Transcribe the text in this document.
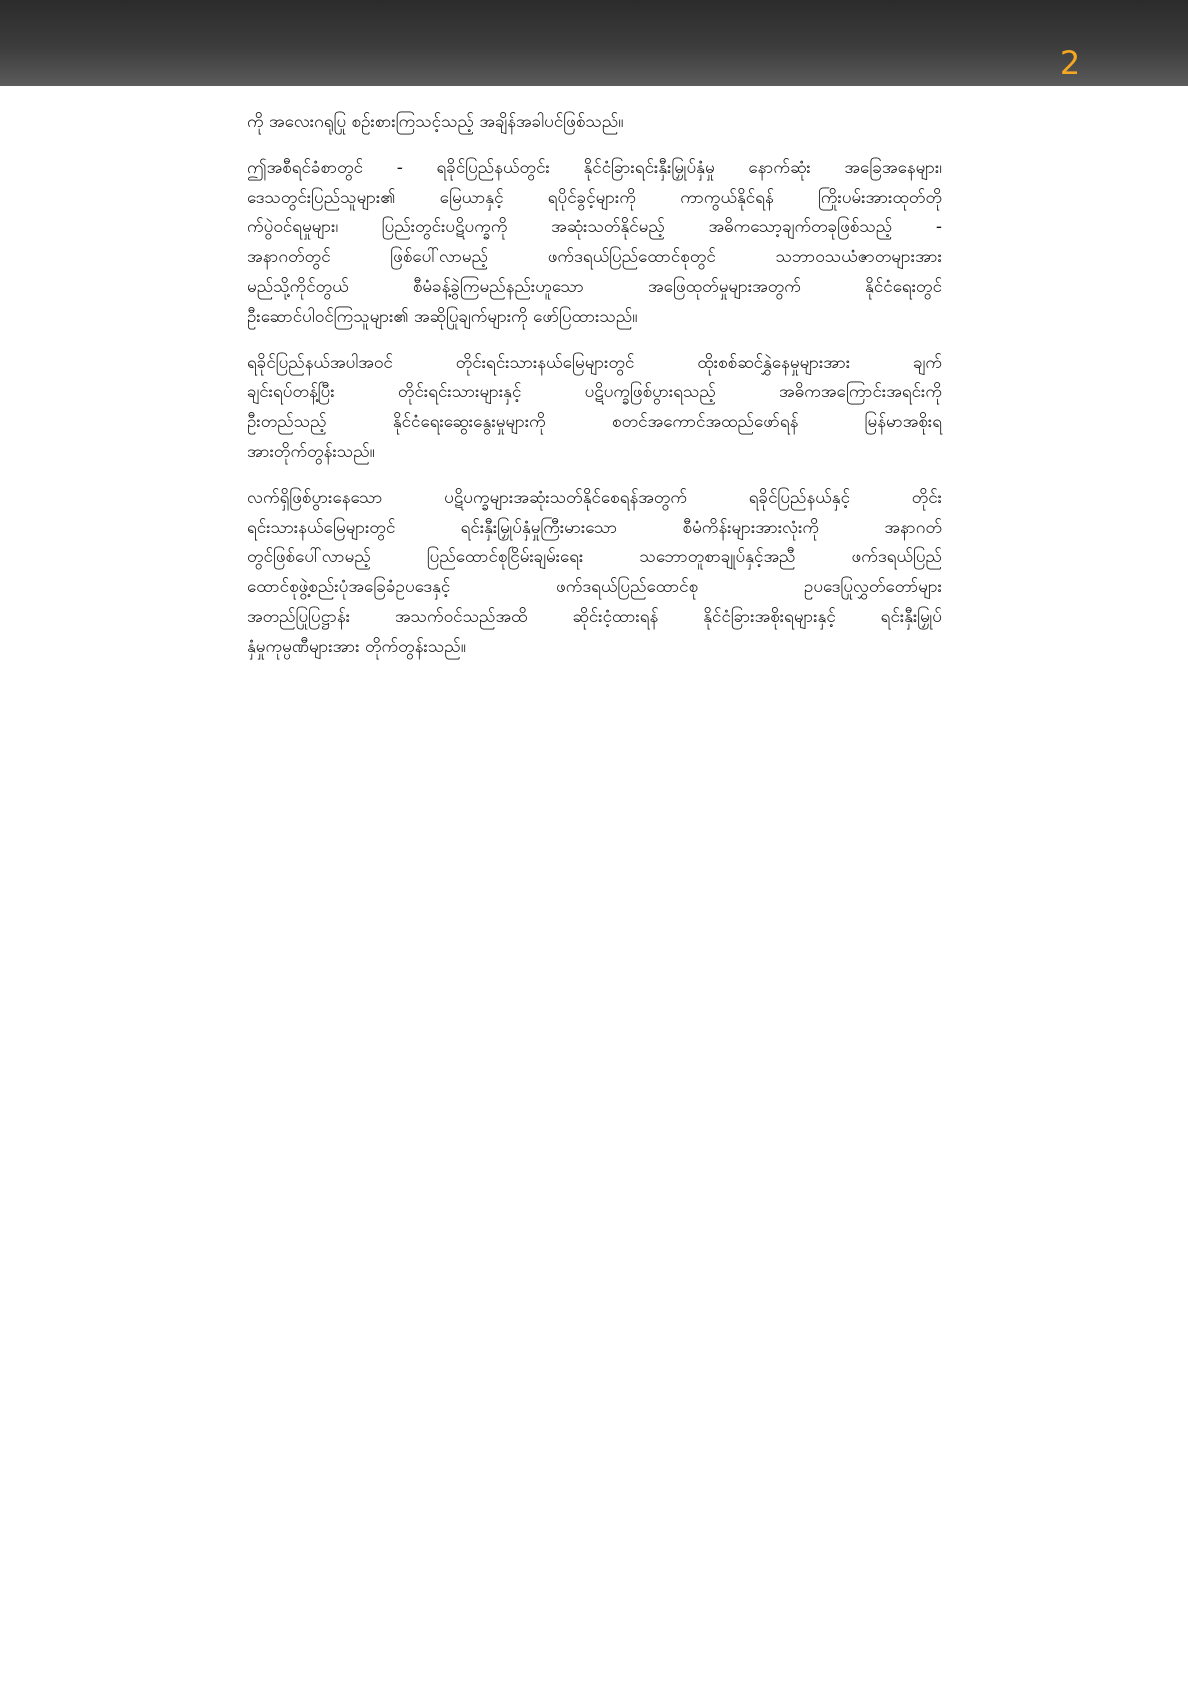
2
ကို အလေးဂရုပြု စဉ်းစားကြသင့်သည့် အချိန်အခါပင်ဖြစ်သည်။
ဤအစီရင်ခံစာတွင် - ရခိုင်ပြည်နယ်တွင်း နိုင်ငံခြားရင်းနှီးမြှုပ်နှံမှု နောက်ဆုံး အခြေအနေများ၊
ဒေသတွင်းပြည်သူများ၏ မြေယာနှင့် ရပိုင်ခွင့်များကို ကာကွယ်နိုင်ရန် ကြိုးပမ်းအားထုတ်တို
က်ပွဲဝင်ရမှုများ၊ ပြည်းတွင်းပဋိပက္ခကို အဆုံးသတ်နိုင်မည့် အဓိကသော့ချက်တခုဖြစ်သည့် -
အနာဂတ်တွင် ဖြစ်ပေါ်လာမည့် ဖက်ဒရယ်ပြည်ထောင်စုတွင် သဘာဝသယံဇာတများအား
မည်သို့ကိုင်တွယ် စီမံခန့်ခွဲကြမည်နည်းဟူသော အဖြေထုတ်မှုများအတွက် နိုင်ငံရေးတွင်
ဦးဆောင်ပါဝင်ကြသူများ၏ အဆိုပြုချက်များကို ဖော်ပြထားသည်။
ရခိုင်ပြည်နယ်အပါအဝင် တိုင်းရင်းသားနယ်မြေများတွင် ထိုးစစ်ဆင်နွှဲနေမှုများအား ချက်
ချင်းရပ်တန့်ပြီး တိုင်းရင်းသားများနှင့် ပဋိပက္ခဖြစ်ပွားရသည့် အဓိကအကြောင်းအရင်းကို
ဦးတည်သည့် နိုင်ငံရေးဆွေးနွေးမှုများကို စတင်အကောင်အထည်ဖော်ရန် မြန်မာအစိုးရ
အားတိုက်တွန်းသည်။
လက်ရှိဖြစ်ပွားနေသော ပဋိပက္ခများအဆုံးသတ်နိုင်စေရန်အတွက် ရခိုင်ပြည်နယ်နှင့် တိုင်း
ရင်းသားနယ်မြေများတွင် ရင်းနှီးမြှုပ်နှံမှုကြီးမားသော စီမံကိန်းများအားလုံးကို အနာဂတ်
တွင်ဖြစ်ပေါ်လာမည့် ပြည်ထောင်စုငြိမ်းချမ်းရေး သဘောတူစာချုပ်နှင့်အညီ ဖက်ဒရယ်ပြည်
ထောင်စုဖွဲ့စည်းပုံအခြေခံဥပဒေနှင့် ဖက်ဒရယ်ပြည်ထောင်စု ဥပဒေပြုလွှတ်တော်များ
အတည်ပြုပြဋ္ဌာန်း အသက်ဝင်သည်အထိ ဆိုင်းငံ့ထားရန် နိုင်ငံခြားအစိုးရများနှင့် ရင်းနှီးမြှုပ်
နှံမှုကုမ္ပဏီများအား တိုက်တွန်းသည်။
